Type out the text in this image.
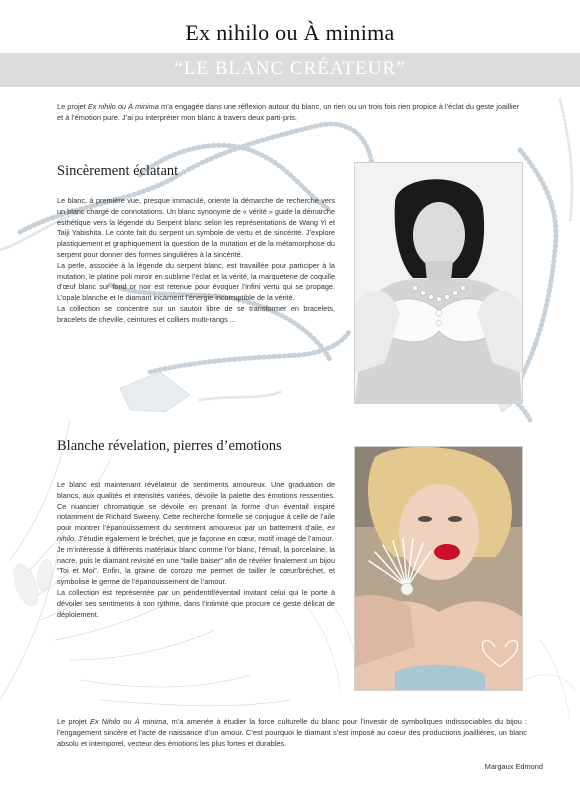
Ex nihilo ou À minima
“LE BLANC CRÉATEUR”
Le projet Ex nihilo ou À minima m’a engagée dans une réflexion autour du blanc, un rien ou un trois fois rien propice à l’éclat du geste joaillier et à l’émotion pure. J’ai pu interpréter mon blanc à travers deux parti-pris.
Sincèrement éclatant

Le blanc, à première vue, presque immaculé, oriente la démarche de recherche vers un blanc chargé de connotations. Un blanc synonyme de « vérité » guide la démarche esthétique vers la légende du Serpent blanc selon les représentations de Wang Yi et Taiji Yabishita. Le conte fait du serpent un symbole de vertu et de sincérité. J’explore plastiquement et graphiquement la question de la mutation et de la métamorphose du serpent pour donner des formes singulières à la sincérité.

La perle, associée à la légende du serpent blanc, est travaillée pour participer à la mutation, le platine poli miroir en sublime l’éclat et la vérité, la marqueterie de coquille d’œuf blanc sur fond or noir est retenue pour évoquer l’infini vertu qui se propage. L’opale blanche et le diamant incarnent l’énergie incorruptible de la vérité.

La collection se concentre sur un sautoir libre de se transformer en bracelets, bracelets de cheville, ceintures et colliers multi-rangs ...

Blanche révelation, pierres d’emotions

Le blanc est maintenant révélateur de sentiments amoureux. Une graduation de blancs, aux qualités et intensités variées, dévoile la palette des émotions ressenties. Ce nuancier chromatique se dévoile en prenant la forme d’un éventail inspiré notamment de Richard Sweeny. Cette recherche formelle se conjugue à celle de l’aile pour montrer l’épanouissement du sentiment amoureux par un battement d’aile, ex nihilo. J’étudie également le bréchet, que je façonne en cœur, motif imagé de l’amour.

Je m’intéresse à différents matériaux blanc comme l’or blanc, l’émail, la porcelaine, la nacre, puis le diamant revisité en une “taille baiser” afin de révéler finalement un bijou “Toi et Moi”. Enfin, la graine de corozo me permet de tailler le cœur/bréchet, et symbolise le germe de l’épanouissement de l’amour.

La collection est représentée par un pendentif/éventail invitant celui qui le porte à dévoiler ses sentiments à son rythme, dans l’intimité que procure ce geste délicat de déploiement.

Le projet Ex Nihilo ou À minima, m’a amenée à étudier la force culturelle du blanc pour l’investir de symboliques indissociables du bijou : l’engagement sincère et l’acte de naissance d’un amour. C’est pourquoi le diamant s’est imposé au coeur des productions joaillières, un blanc absolu et intemporel, vecteur des émotions les plus fortes et durables.
Margaux Edmond
